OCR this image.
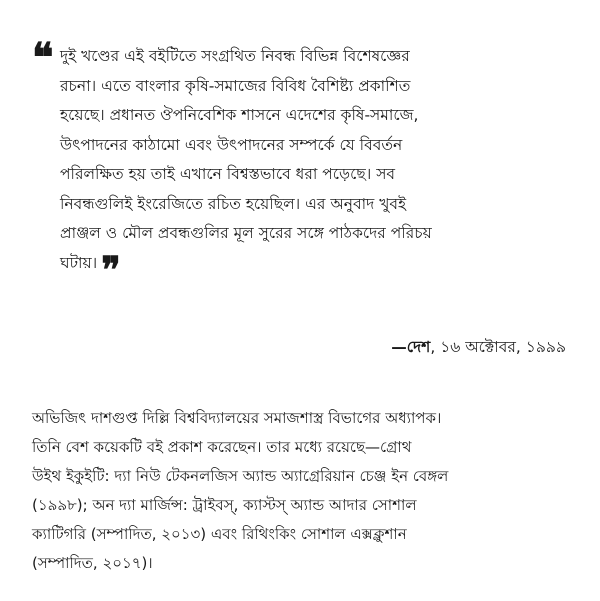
❝ দুই খণ্ডের এই বইটিতে সংগ্রথিত নিবন্ধ বিভিন্ন বিশেষজ্ঞের
রচনা। এতে বাংলার কৃষি-সমাজের বিবিধ বৈশিষ্ট্য প্রকাশিত
হয়েছে। প্রধানত ঔপনিবেশিক শাসনে এদেশের কৃষি-সমাজে,
উৎপাদনের কাঠামো এবং উৎপাদনের সম্পর্কে যে বিবর্তন
পরিলক্ষিত হয় তাই এখানে বিশ্বস্তভাবে ধরা পড়েছে। সব
নিবন্ধগুলিই ইংরেজিতে রচিত হয়েছিল। এর অনুবাদ খুবই
প্রাঞ্জল ও মৌল প্রবন্ধগুলির মূল সুরের সঙ্গে পাঠকদের পরিচয়
ঘটায়। ❞
—দেশ, ১৬ অক্টোবর, ১৯৯৯
অভিজিৎ দাশগুপ্ত দিল্লি বিশ্ববিদ্যালয়ের সমাজশাস্ত্র বিভাগের অধ্যাপক।
তিনি বেশ কয়েকটি বই প্রকাশ করেছেন। তার মধ্যে রয়েছে—গ্রোথ
উইথ ইকুইটি: দ্যা নিউ টেকনলজিস অ্যান্ড অ্যাগ্রেরিয়ান চেঞ্জ ইন বেঙ্গল
(১৯৯৮); অন দ্যা মার্জিন্স: ট্রাইবস্, ক্যাস্টস্ অ্যান্ড আদার সোশাল
ক্যাটিগরি (সম্পাদিত, ২০১৩) এবং রিথিংকিং সোশাল এক্সক্লুশান
(সম্পাদিত, ২০১৭)।
